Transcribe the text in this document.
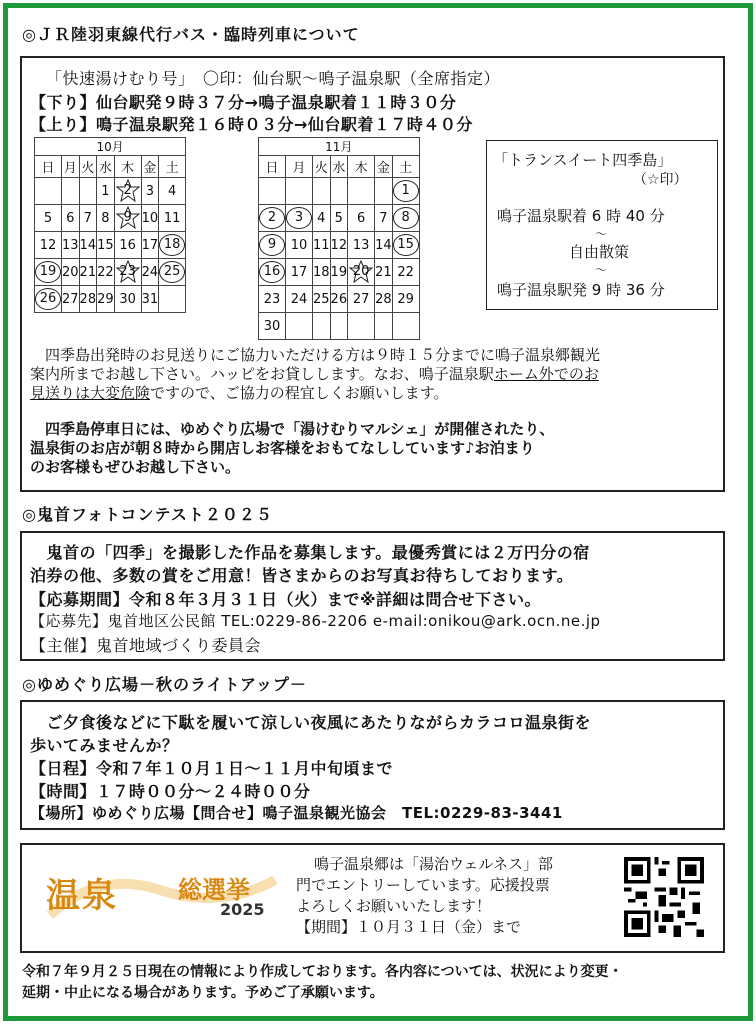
◎ＪＲ陸羽東線代行バス・臨時列車について
「快速湯けむり号」　〇印：仙台駅〜鳴子温泉駅（全席指定）
【下り】仙台駅発９時３７分→鳴子温泉駅着１１時３０分
【上り】鳴子温泉駅発１６時０３分→仙台駅着１７時４０分
10月						
日	月	火	水	木	金	土
			1	2	3	4
5	6	7	8	9	10	11
12	13	14	15	16	17	18
19	20	21	22	23	24	25
26	27	28	29	30	31	
11月						
日	月	火	水	木	金	土
						1
2	3	4	5	6	7	8
9	10	11	12	13	14	15
16	17	18	19	20	21	22
23	24	25	26	27	28	29
30						
「トランスイート四季島」
（☆印）
鳴子温泉駅着 6 時 40 分
〜
自由散策
〜
鳴子温泉駅発 9 時 36 分
　四季島出発時のお見送りにご協力いただける方は９時１５分までに鳴子温泉郷観光
案内所までお越し下さい。ハッピをお貸しします。なお、鳴子温泉駅ホーム外でのお
見送りは大変危険ですので、ご協力の程宜しくお願いします。
　四季島停車日には、ゆめぐり広場で「湯けむりマルシェ」が開催されたり、
温泉街のお店が朝８時から開店しお客様をおもてなししています♪お泊まり
のお客様もぜひお越し下さい。
◎鬼首フォトコンテスト２０２５
　鬼首の「四季」を撮影した作品を募集します。最優秀賞には２万円分の宿
泊券の他、多数の賞をご用意！皆さまからのお写真お待ちしております。
【応募期間】令和８年３月３１日（火）まで※詳細は問合せ下さい。
【応募先】鬼首地区公民館 TEL:0229-86-2206 e-mail:onikou@ark.ocn.ne.jp
【主催】鬼首地域づくり委員会
◎ゆめぐり広場－秋のライトアップ－
　ご夕食後などに下駄を履いて涼しい夜風にあたりながらカラコロ温泉街を
歩いてみませんか？
【日程】令和７年１０月１日〜１１月中旬頃まで
【時間】１７時００分〜２４時００分
【場所】ゆめぐり広場【問合せ】鳴子温泉観光協会　TEL:0229-83-3441
温泉	総選挙
2025
鳴子温泉郷は「湯治ウェルネス」部
門でエントリーしています。応援投票
よろしくお願いいたします！
【期間】１０月３１日（金）まで
令和７年９月２５日現在の情報により作成しております。各内容については、状況により変更・
延期・中止になる場合があります。予めご了承願います。
